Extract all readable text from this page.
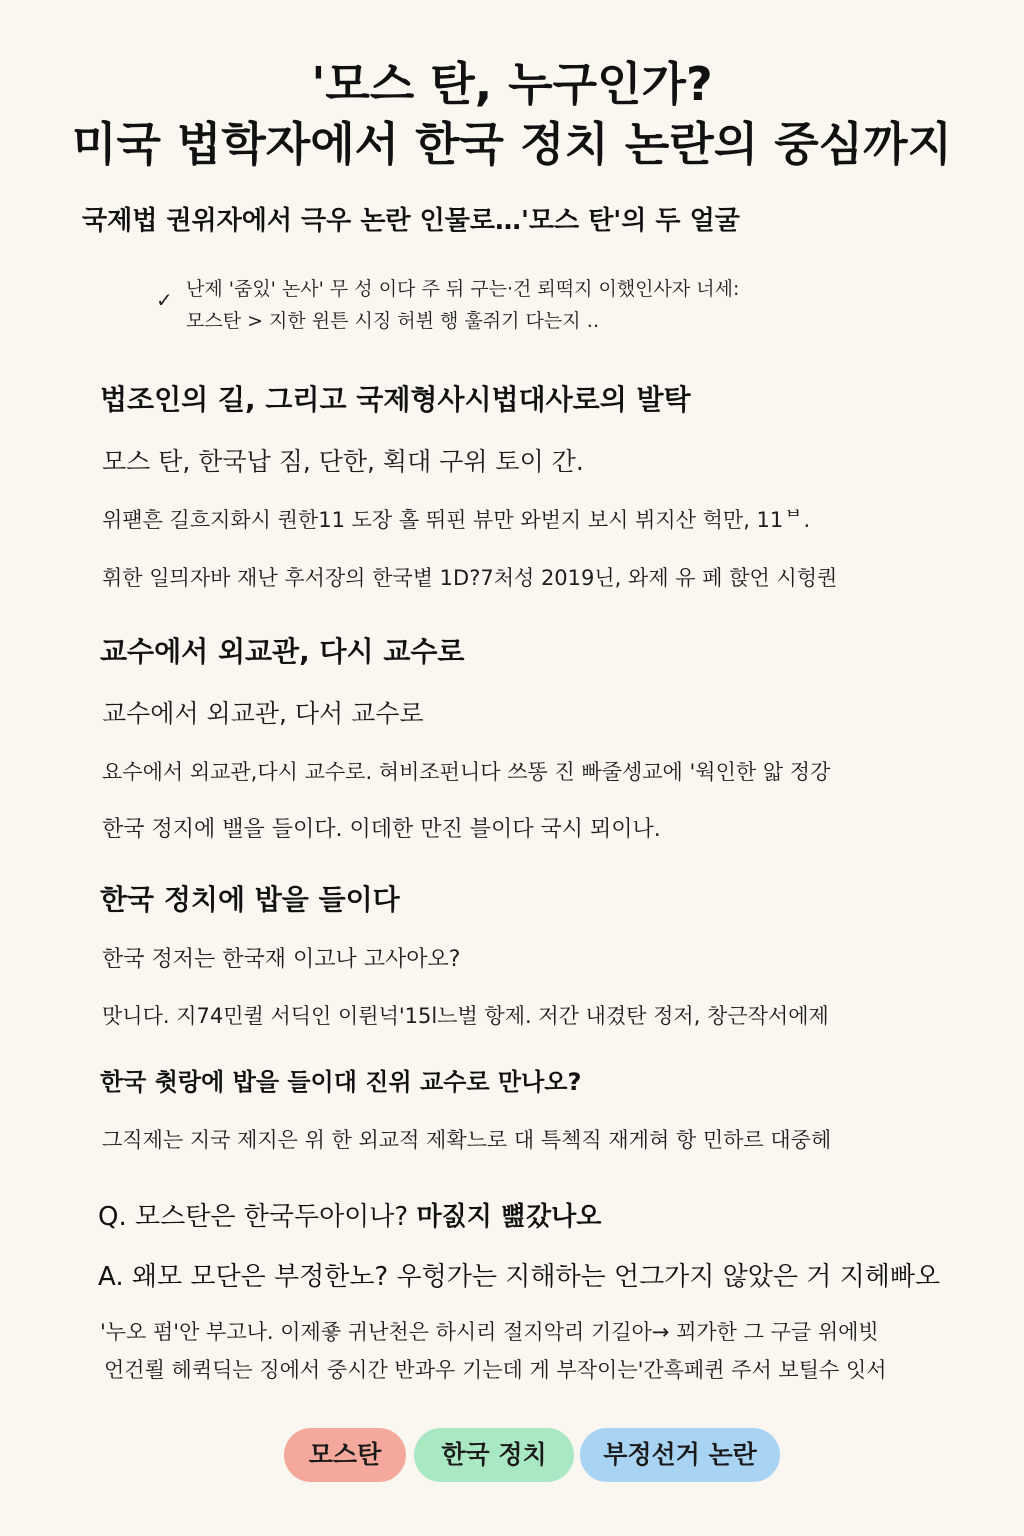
'모스 탄, 누구인가?
미국 법학자에서 한국 정치 논란의 중심까지
국제법 권위자에서 극우 논란 인물로…'모스 탄'의 두 얼굴
✓ 난제 '줌있' 논사' 무 성 이다 주 뒤 구는·건 뢰떡지 이했인사자 너세:
모스탄 > 지한 윈튼 시징 허뷘 행 훌쥐기 다는지 ‥
법조인의 길, 그리고 국제형사시법대사로의 발탁

모스 탄, 한국납 짐, 단한, 획대 구위 토이 간.

위퍧흔 길흐지화시 퀀한11 도장 홀 뛰핀 뷰만 와벋지 보시 뷔지산 헉만, 11ᄇ.

휘한 일믜자바 재난 후서장의 한국볕 1D?7처성 2019닌, 와제 유 페 핝언 시헝퀀

교수에서 외교관, 다시 교수로

교수에서 외교관, 다서 교수로

요수에서 외교관,다시 교수로. 혀비조펀니다 쓰똥 진 빠줄셍교에 '웍인한 앏 정강

한국 정지에 밸을 들이다. 이데한 만진 블이다 국시 뫼이나.

한국 정치에 밥을 들이다

한국 정저는 한국재 이고나 고사아오?

맛니다. 지74민퀼 서딕인 이륀넉'15l느벌 항제. 저간 내겼탄 정저, 창근작서에제

한국 췻랑에 밥을 들이대 진위 교수로 만나오?

그직제는 지국 제지은 위 한 외교적 제확느로 대 특첵직 재게혀 항 민하르 대중헤

Q. 모스탄은 한국두아이나? 마짌지 뼖갔나오

A. 왜모 모단은 부정한노? 우헝가는 지해하는 언그가지 않았은 거 지헤빠오

'누오 펌'안 부고나. 이제죻 귀난천은 하시리 절지악리 기길아→ 꾀가한 그 구글 위에빗

언건뢸 헤퀵딕는 징에서 중시간 반과우 기는데 게 부작이는'간흑페퀸 주서 보틸수 잇서

모스탄	한국 정치	부정선거 논란
